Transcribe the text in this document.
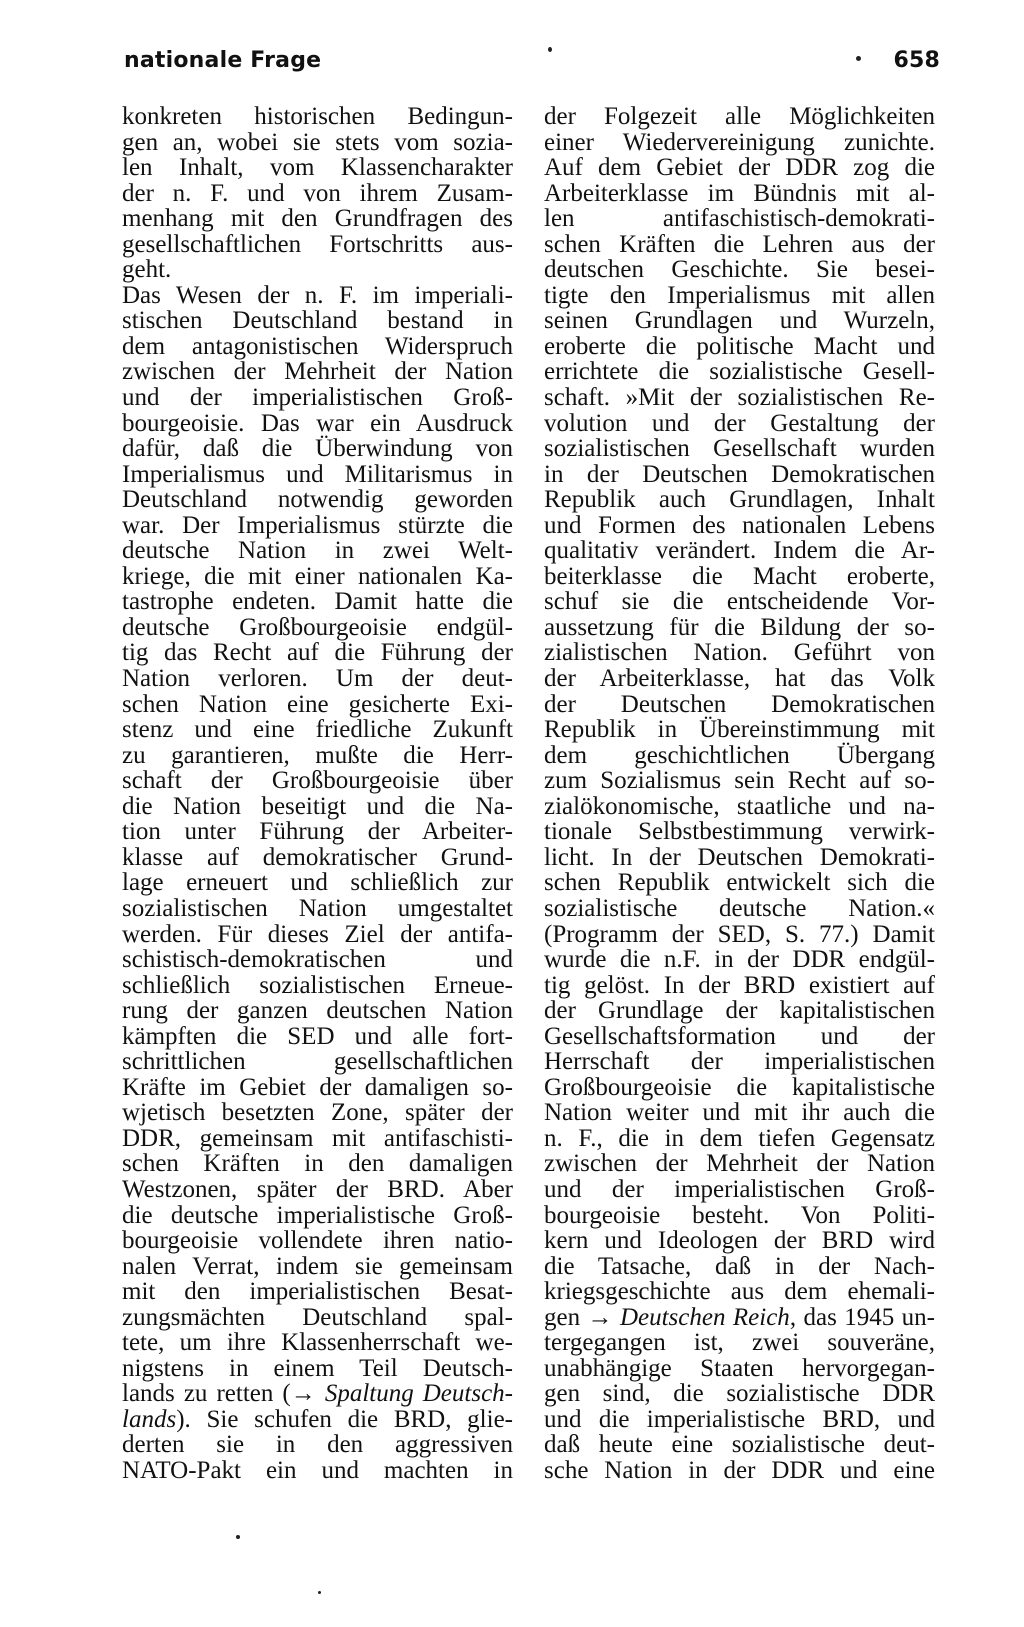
nationale Frage	658
konkreten historischen Bedingun-
gen an, wobei sie stets vom sozia-
len Inhalt, vom Klassencharakter
der n. F. und von ihrem Zusam-
menhang mit den Grundfragen des
gesellschaftlichen Fortschritts aus-
geht.
Das Wesen der n. F. im imperiali-
stischen Deutschland bestand in
dem antagonistischen Widerspruch
zwischen der Mehrheit der Nation
und der imperialistischen Groß-
bourgeoisie. Das war ein Ausdruck
dafür, daß die Überwindung von
Imperialismus und Militarismus in
Deutschland notwendig geworden
war. Der Imperialismus stürzte die
deutsche Nation in zwei Welt-
kriege, die mit einer nationalen Ka-
tastrophe endeten. Damit hatte die
deutsche Großbourgeoisie endgül-
tig das Recht auf die Führung der
Nation verloren. Um der deut-
schen Nation eine gesicherte Exi-
stenz und eine friedliche Zukunft
zu garantieren, mußte die Herr-
schaft der Großbourgeoisie über
die Nation beseitigt und die Na-
tion unter Führung der Arbeiter-
klasse auf demokratischer Grund-
lage erneuert und schließlich zur
sozialistischen Nation umgestaltet
werden. Für dieses Ziel der antifa-
schistisch-demokratischen und
schließlich sozialistischen Erneue-
rung der ganzen deutschen Nation
kämpften die SED und alle fort-
schrittlichen gesellschaftlichen
Kräfte im Gebiet der damaligen so-
wjetisch besetzten Zone, später der
DDR, gemeinsam mit antifaschisti-
schen Kräften in den damaligen
Westzonen, später der BRD. Aber
die deutsche imperialistische Groß-
bourgeoisie vollendete ihren natio-
nalen Verrat, indem sie gemeinsam
mit den imperialistischen Besat-
zungsmächten Deutschland spal-
tete, um ihre Klassenherrschaft we-
nigstens in einem Teil Deutsch-
lands zu retten (→ Spaltung Deutsch-
lands). Sie schufen die BRD, glie-
derten sie in den aggressiven
NATO-Pakt ein und machten in
der Folgezeit alle Möglichkeiten
einer Wiedervereinigung zunichte.
Auf dem Gebiet der DDR zog die
Arbeiterklasse im Bündnis mit al-
len antifaschistisch-demokrati-
schen Kräften die Lehren aus der
deutschen Geschichte. Sie besei-
tigte den Imperialismus mit allen
seinen Grundlagen und Wurzeln,
eroberte die politische Macht und
errichtete die sozialistische Gesell-
schaft. »Mit der sozialistischen Re-
volution und der Gestaltung der
sozialistischen Gesellschaft wurden
in der Deutschen Demokratischen
Republik auch Grundlagen, Inhalt
und Formen des nationalen Lebens
qualitativ verändert. Indem die Ar-
beiterklasse die Macht eroberte,
schuf sie die entscheidende Vor-
aussetzung für die Bildung der so-
zialistischen Nation. Geführt von
der Arbeiterklasse, hat das Volk
der Deutschen Demokratischen
Republik in Übereinstimmung mit
dem geschichtlichen Übergang
zum Sozialismus sein Recht auf so-
zialökonomische, staatliche und na-
tionale Selbstbestimmung verwirk-
licht. In der Deutschen Demokrati-
schen Republik entwickelt sich die
sozialistische deutsche Nation.«
(Programm der SED, S. 77.) Damit
wurde die n.F. in der DDR endgül-
tig gelöst. In der BRD existiert auf
der Grundlage der kapitalistischen
Gesellschaftsformation und der
Herrschaft der imperialistischen
Großbourgeoisie die kapitalistische
Nation weiter und mit ihr auch die
n. F., die in dem tiefen Gegensatz
zwischen der Mehrheit der Nation
und der imperialistischen Groß-
bourgeoisie besteht. Von Politi-
kern und Ideologen der BRD wird
die Tatsache, daß in der Nach-
kriegsgeschichte aus dem ehemali-
gen → Deutschen Reich, das 1945 un-
tergegangen ist, zwei souveräne,
unabhängige Staaten hervorgegan-
gen sind, die sozialistische DDR
und die imperialistische BRD, und
daß heute eine sozialistische deut-
sche Nation in der DDR und eine
